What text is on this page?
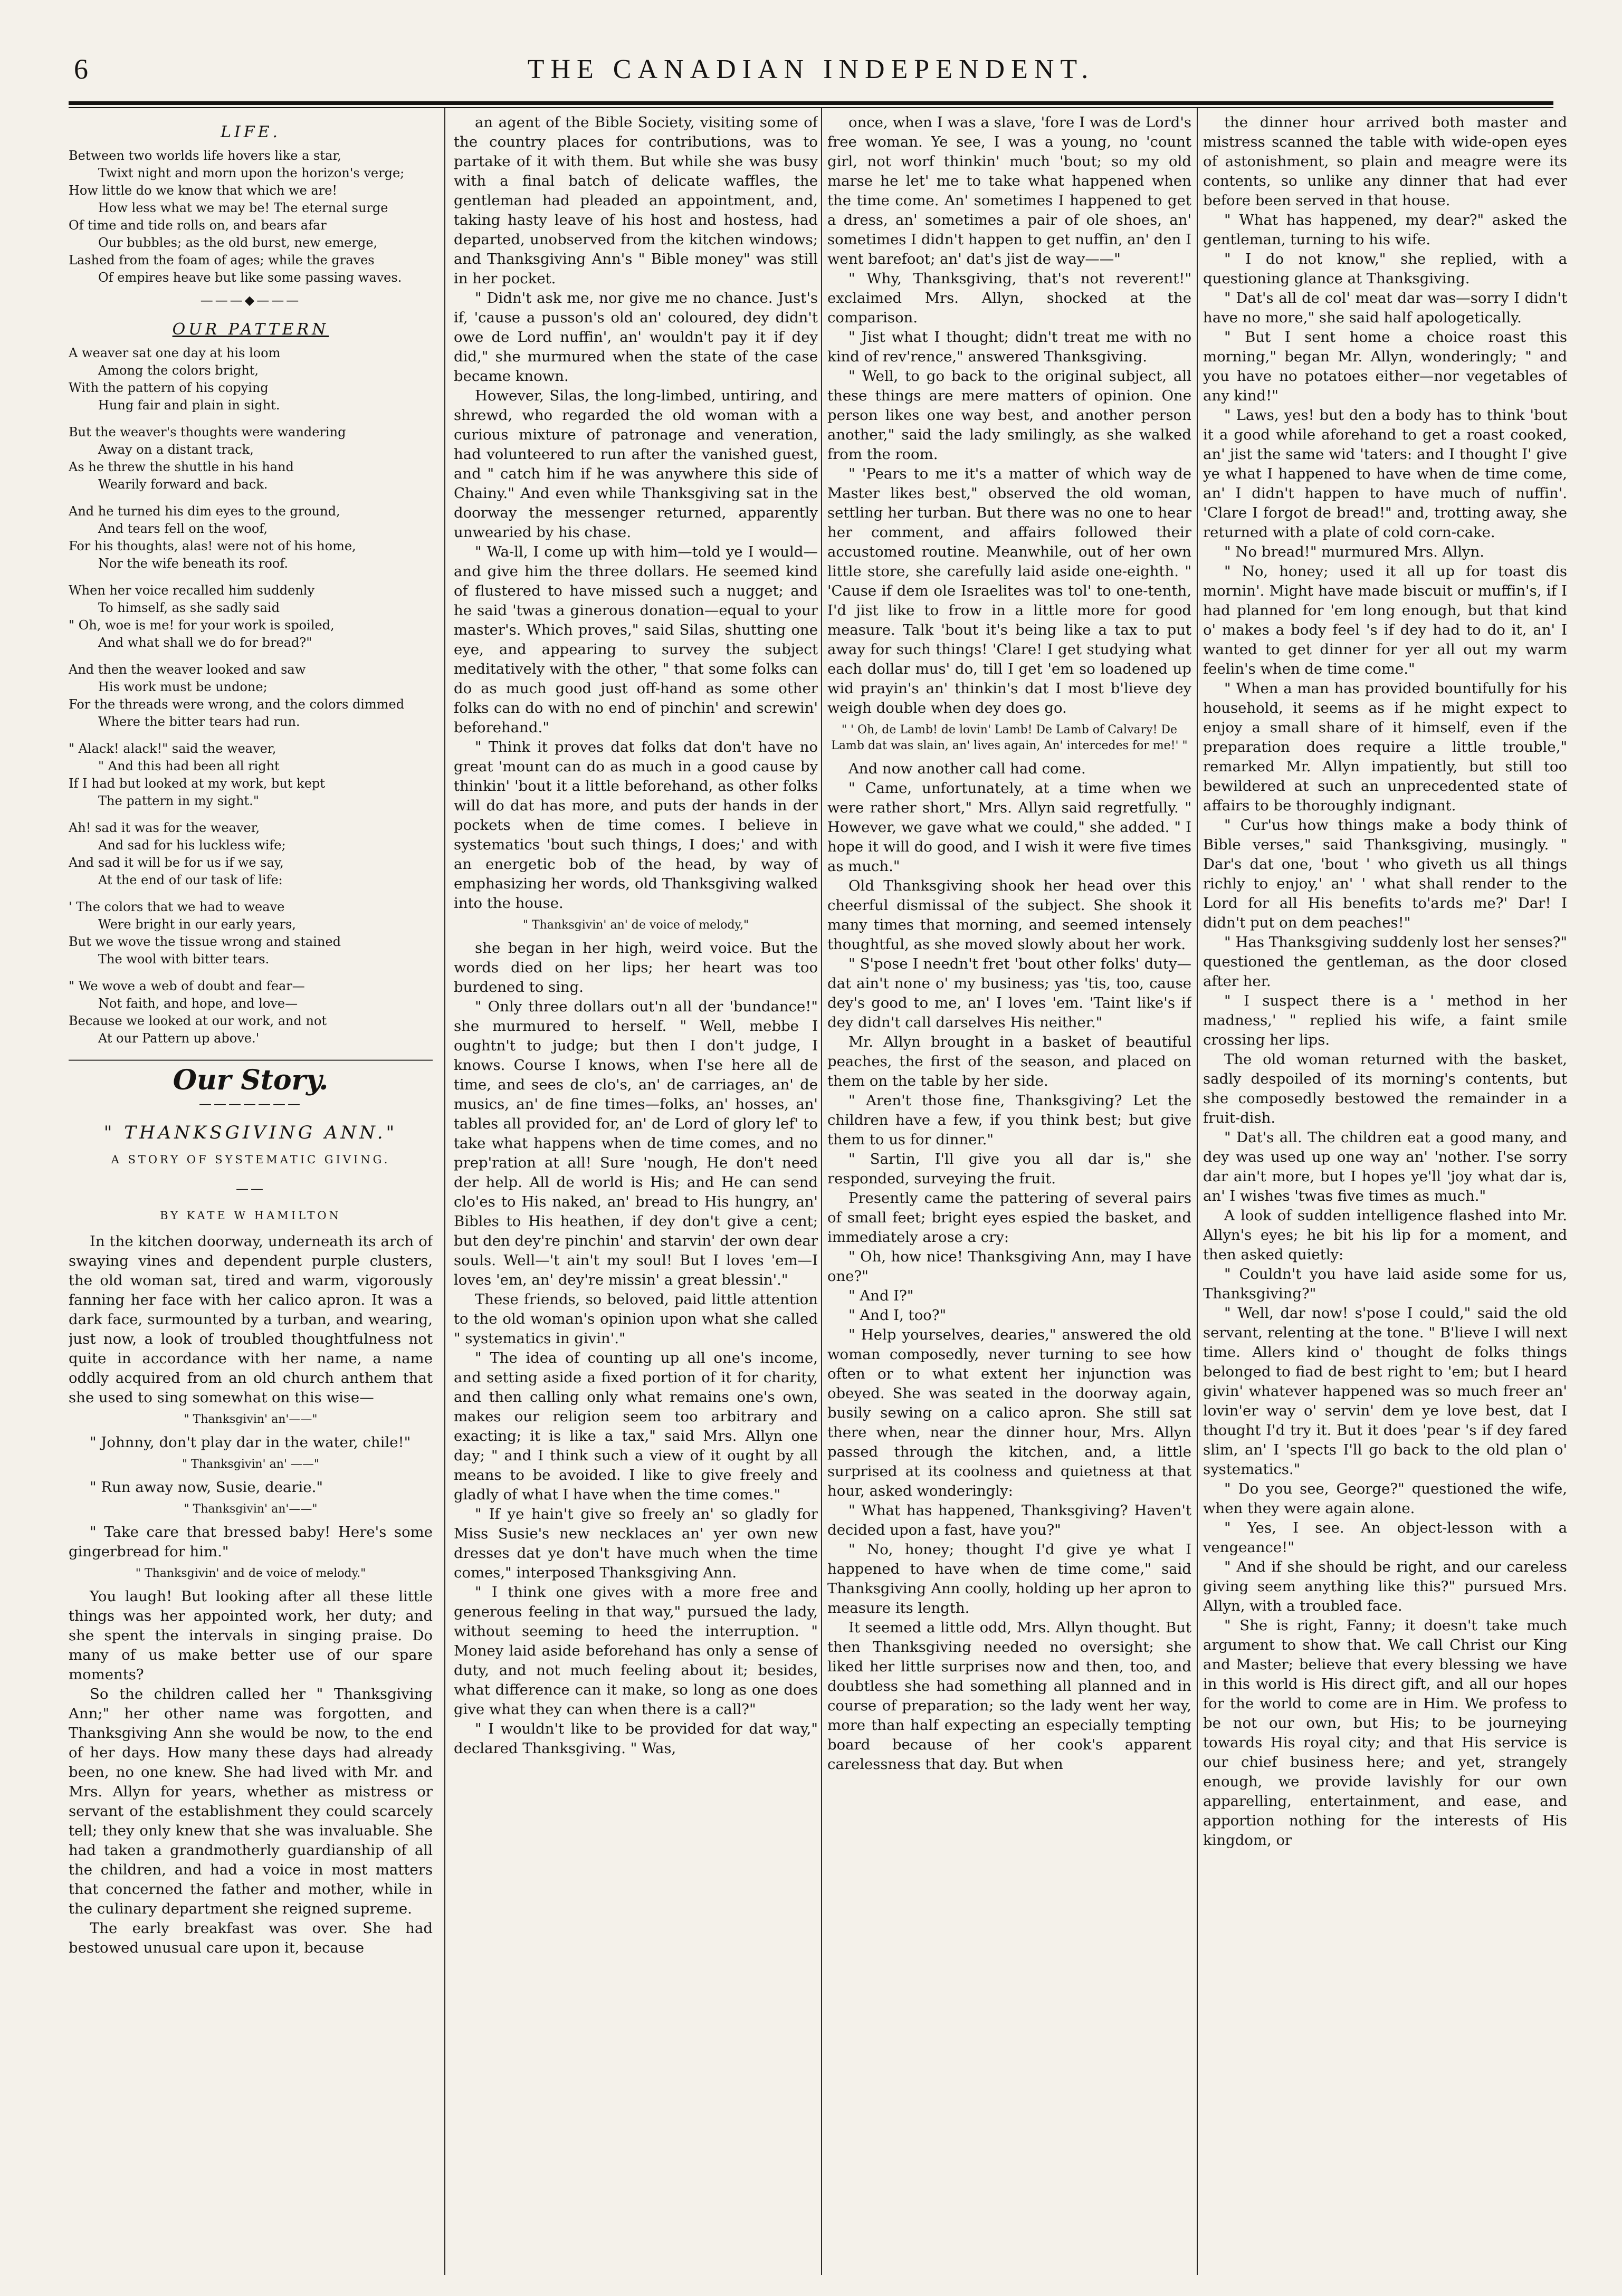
6	THE CANADIAN INDEPENDENT.
LIFE.
Between two worlds life hovers like a star,
Twixt night and morn upon the horizon's verge;
How little do we know that which we are!
How less what we may be! The eternal surge
Of time and tide rolls on, and bears afar
Our bubbles; as the old burst, new emerge,
Lashed from the foam of ages; while the graves
Of empires heave but like some passing waves.
———◆———
OUR PATTERN
A weaver sat one day at his loom
Among the colors bright,
With the pattern of his copying
Hung fair and plain in sight.
But the weaver's thoughts were wandering
Away on a distant track,
As he threw the shuttle in his hand
Wearily forward and back.
And he turned his dim eyes to the ground,
And tears fell on the woof,
For his thoughts, alas! were not of his home,
Nor the wife beneath its roof.
When her voice recalled him suddenly
To himself, as she sadly said
" Oh, woe is me! for your work is spoiled,
And what shall we do for bread?"
And then the weaver looked and saw
His work must be undone;
For the threads were wrong, and the colors dimmed
Where the bitter tears had run.
" Alack! alack!" said the weaver,
" And this had been all right
If I had but looked at my work, but kept
The pattern in my sight."
Ah! sad it was for the weaver,
And sad for his luckless wife;
And sad it will be for us if we say,
At the end of our task of life:
' The colors that we had to weave
Were bright in our early years,
But we wove the tissue wrong and stained
The wool with bitter tears.
" We wove a web of doubt and fear—
Not faith, and hope, and love—
Because we looked at our work, and not
At our Pattern up above.'
Our Story.
———————
" THANKSGIVING ANN."
A STORY OF SYSTEMATIC GIVING.
——
BY KATE W HAMILTON

In the kitchen doorway, underneath its arch of swaying vines and dependent purple clusters, the old woman sat, tired and warm, vigorously fanning her face with her calico apron. It was a dark face, surmounted by a turban, and wearing, just now, a look of troubled thoughtfulness not quite in accordance with her name, a name oddly acquired from an old church anthem that she used to sing somewhat on this wise—

" Thanksgivin' an'——"

" Johnny, don't play dar in the water, chile!"

" Thanksgivin' an' ——"

" Run away now, Susie, dearie."

" Thanksgivin' an'——"

" Take care that bressed baby! Here's some gingerbread for him."

" Thanksgivin' and de voice of melody."

You laugh! But looking after all these little things was her appointed work, her duty; and she spent the intervals in singing praise. Do many of us make better use of our spare moments?

So the children called her " Thanksgiving Ann;" her other name was forgotten, and Thanksgiving Ann she would be now, to the end of her days. How many these days had already been, no one knew. She had lived with Mr. and Mrs. Allyn for years, whether as mistress or servant of the establishment they could scarcely tell; they only knew that she was invaluable. She had taken a grandmotherly guardianship of all the children, and had a voice in most matters that concerned the father and mother, while in the culinary department she reigned supreme.

The early breakfast was over. She had bestowed unusual care upon it, because

an agent of the Bible Society, visiting some of the country places for contributions, was to partake of it with them. But while she was busy with a final batch of delicate waffles, the gentleman had pleaded an appointment, and, taking hasty leave of his host and hostess, had departed, unobserved from the kitchen windows; and Thanksgiving Ann's " Bible money" was still in her pocket.

" Didn't ask me, nor give me no chance. Just's if, 'cause a pusson's old an' coloured, dey didn't owe de Lord nuffin', an' wouldn't pay it if dey did," she murmured when the state of the case became known.

However, Silas, the long-limbed, untiring, and shrewd, who regarded the old woman with a curious mixture of patronage and veneration, had volunteered to run after the vanished guest, and " catch him if he was anywhere this side of Chainy." And even while Thanksgiving sat in the doorway the messenger returned, apparently unwearied by his chase.

" Wa-ll, I come up with him—told ye I would—and give him the three dollars. He seemed kind of flustered to have missed such a nugget; and he said 'twas a ginerous donation—equal to your master's. Which proves," said Silas, shutting one eye, and appearing to survey the subject meditatively with the other, " that some folks can do as much good just off-hand as some other folks can do with no end of pinchin' and screwin' beforehand."

" Think it proves dat folks dat don't have no great 'mount can do as much in a good cause by thinkin' 'bout it a little beforehand, as other folks will do dat has more, and puts der hands in der pockets when de time comes. I believe in systematics 'bout such things, I does;' and with an energetic bob of the head, by way of emphasizing her words, old Thanksgiving walked into the house.

" Thanksgivin' an' de voice of melody,"

she began in her high, weird voice. But the words died on her lips; her heart was too burdened to sing.

" Only three dollars out'n all der 'bundance!" she murmured to herself. " Well, mebbe I oughtn't to judge; but then I don't judge, I knows. Course I knows, when I'se here all de time, and sees de clo's, an' de carriages, an' de musics, an' de fine times—folks, an' hosses, an' tables all provided for, an' de Lord of glory lef' to take what happens when de time comes, and no prep'ration at all! Sure 'nough, He don't need der help. All de world is His; and He can send clo'es to His naked, an' bread to His hungry, an' Bibles to His heathen, if dey don't give a cent; but den dey're pinchin' and starvin' der own dear souls. Well—'t ain't my soul! But I loves 'em—I loves 'em, an' dey're missin' a great blessin'."

These friends, so beloved, paid little attention to the old woman's opinion upon what she called " systematics in givin'."

" The idea of counting up all one's income, and setting aside a fixed portion of it for charity, and then calling only what remains one's own, makes our religion seem too arbitrary and exacting; it is like a tax," said Mrs. Allyn one day; " and I think such a view of it ought by all means to be avoided. I like to give freely and gladly of what I have when the time comes."

" If ye hain't give so freely an' so gladly for Miss Susie's new necklaces an' yer own new dresses dat ye don't have much when the time comes," interposed Thanksgiving Ann.

" I think one gives with a more free and generous feeling in that way," pursued the lady, without seeming to heed the interruption. " Money laid aside beforehand has only a sense of duty, and not much feeling about it; besides, what difference can it make, so long as one does give what they can when there is a call?"

" I wouldn't like to be provided for dat way," declared Thanksgiving. " Was,

once, when I was a slave, 'fore I was de Lord's free woman. Ye see, I was a young, no 'count girl, not worf thinkin' much 'bout; so my old marse he let' me to take what happened when the time come. An' sometimes I happened to get a dress, an' sometimes a pair of ole shoes, an' sometimes I didn't happen to get nuffin, an' den I went barefoot; an' dat's jist de way——"

" Why, Thanksgiving, that's not reverent!" exclaimed Mrs. Allyn, shocked at the comparison.

" Jist what I thought; didn't treat me with no kind of rev'rence," answered Thanksgiving.

" Well, to go back to the original subject, all these things are mere matters of opinion. One person likes one way best, and another person another," said the lady smilingly, as she walked from the room.

" 'Pears to me it's a matter of which way de Master likes best," observed the old woman, settling her turban. But there was no one to hear her comment, and affairs followed their accustomed routine. Meanwhile, out of her own little store, she carefully laid aside one-eighth. " 'Cause if dem ole Israelites was tol' to one-tenth, I'd jist like to frow in a little more for good measure. Talk 'bout it's being like a tax to put away for such things! 'Clare! I get studying what each dollar mus' do, till I get 'em so loadened up wid prayin's an' thinkin's dat I most b'lieve dey weigh double when dey does go.

" ' Oh, de Lamb! de lovin' Lamb! De Lamb of Calvary! De Lamb dat was slain, an' lives again, An' intercedes for me!' "

And now another call had come.

" Came, unfortunately, at a time when we were rather short," Mrs. Allyn said regretfully. " However, we gave what we could," she added. " I hope it will do good, and I wish it were five times as much."

Old Thanksgiving shook her head over this cheerful dismissal of the subject. She shook it many times that morning, and seemed intensely thoughtful, as she moved slowly about her work.

" S'pose I needn't fret 'bout other folks' duty—dat ain't none o' my business; yas 'tis, too, cause dey's good to me, an' I loves 'em. 'Taint like's if dey didn't call darselves His neither."

Mr. Allyn brought in a basket of beautiful peaches, the first of the season, and placed on them on the table by her side.

" Aren't those fine, Thanksgiving? Let the children have a few, if you think best; but give them to us for dinner."

" Sartin, I'll give you all dar is," she responded, surveying the fruit.

Presently came the pattering of several pairs of small feet; bright eyes espied the basket, and immediately arose a cry:

" Oh, how nice! Thanksgiving Ann, may I have one?"

" And I?"

" And I, too?"

" Help yourselves, dearies," answered the old woman composedly, never turning to see how often or to what extent her injunction was obeyed. She was seated in the doorway again, busily sewing on a calico apron. She still sat there when, near the dinner hour, Mrs. Allyn passed through the kitchen, and, a little surprised at its coolness and quietness at that hour, asked wonderingly:

" What has happened, Thanksgiving? Haven't decided upon a fast, have you?"

" No, honey; thought I'd give ye what I happened to have when de time come," said Thanksgiving Ann coolly, holding up her apron to measure its length.

It seemed a little odd, Mrs. Allyn thought. But then Thanksgiving needed no oversight; she liked her little surprises now and then, too, and doubtless she had something all planned and in course of preparation; so the lady went her way, more than half expecting an especially tempting board because of her cook's apparent carelessness that day. But when

the dinner hour arrived both master and mistress scanned the table with wide-open eyes of astonishment, so plain and meagre were its contents, so unlike any dinner that had ever before been served in that house.

" What has happened, my dear?" asked the gentleman, turning to his wife.

" I do not know," she replied, with a questioning glance at Thanksgiving.

" Dat's all de col' meat dar was—sorry I didn't have no more," she said half apologetically.

" But I sent home a choice roast this morning," began Mr. Allyn, wonderingly; " and you have no potatoes either—nor vegetables of any kind!"

" Laws, yes! but den a body has to think 'bout it a good while aforehand to get a roast cooked, an' jist the same wid 'taters: and I thought I' give ye what I happened to have when de time come, an' I didn't happen to have much of nuffin'. 'Clare I forgot de bread!" and, trotting away, she returned with a plate of cold corn-cake.

" No bread!" murmured Mrs. Allyn.

" No, honey; used it all up for toast dis mornin'. Might have made biscuit or muffin's, if I had planned for 'em long enough, but that kind o' makes a body feel 's if dey had to do it, an' I wanted to get dinner for yer all out my warm feelin's when de time come."

" When a man has provided bountifully for his household, it seems as if he might expect to enjoy a small share of it himself, even if the preparation does require a little trouble," remarked Mr. Allyn impatiently, but still too bewildered at such an unprecedented state of affairs to be thoroughly indignant.

" Cur'us how things make a body think of Bible verses," said Thanksgiving, musingly. " Dar's dat one, 'bout ' who giveth us all things richly to enjoy,' an' ' what shall render to the Lord for all His benefits to'ards me?' Dar! I didn't put on dem peaches!"

" Has Thanksgiving suddenly lost her senses?" questioned the gentleman, as the door closed after her.

" I suspect there is a ' method in her madness,' " replied his wife, a faint smile crossing her lips.

The old woman returned with the basket, sadly despoiled of its morning's contents, but she composedly bestowed the remainder in a fruit-dish.

" Dat's all. The children eat a good many, and dey was used up one way an' 'nother. I'se sorry dar ain't more, but I hopes ye'll 'joy what dar is, an' I wishes 'twas five times as much."

A look of sudden intelligence flashed into Mr. Allyn's eyes; he bit his lip for a moment, and then asked quietly:

" Couldn't you have laid aside some for us, Thanksgiving?"

" Well, dar now! s'pose I could," said the old servant, relenting at the tone. " B'lieve I will next time. Allers kind o' thought de folks things belonged to fiad de best right to 'em; but I heard givin' whatever happened was so much freer an' lovin'er way o' servin' dem ye love best, dat I thought I'd try it. But it does 'pear 's if dey fared slim, an' I 'spects I'll go back to the old plan o' systematics."

" Do you see, George?" questioned the wife, when they were again alone.

" Yes, I see. An object-lesson with a vengeance!"

" And if she should be right, and our careless giving seem anything like this?" pursued Mrs. Allyn, with a troubled face.

" She is right, Fanny; it doesn't take much argument to show that. We call Christ our King and Master; believe that every blessing we have in this world is His direct gift, and all our hopes for the world to come are in Him. We profess to be not our own, but His; to be journeying towards His royal city; and that His service is our chief business here; and yet, strangely enough, we provide lavishly for our own apparelling, entertainment, and ease, and apportion nothing for the interests of His kingdom, or
